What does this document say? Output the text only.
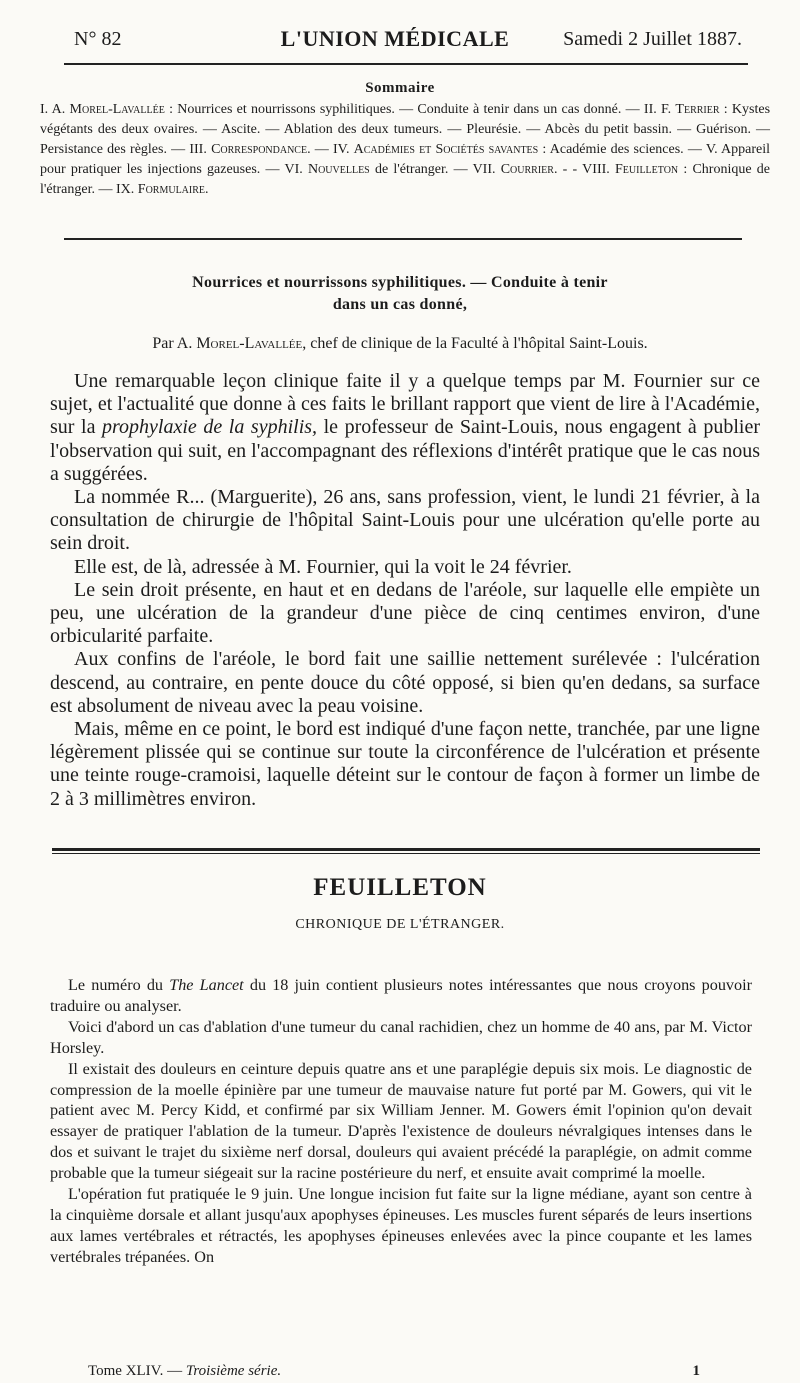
N° 82	L'UNION MÉDICALE	Samedi 2 Juillet 1887.
Sommaire
I. A. Morel-Lavallée : Nourrices et nourrissons syphilitiques. — Conduite à tenir dans un cas donné. — II. F. Terrier : Kystes végétants des deux ovaires. — Ascite. — Ablation des deux tumeurs. — Pleurésie. — Abcès du petit bassin. — Guérison. — Persistance des règles. — III. Correspondance. — IV. Académies et Sociétés savantes : Académie des sciences. — V. Appareil pour pratiquer les injections gazeuses. — VI. Nouvelles de l'étranger. — VII. Courrier. - - VIII. Feuilleton : Chronique de l'étranger. — IX. Formulaire.
Nourrices et nourrissons syphilitiques. — Conduite à tenir
dans un cas donné,
Par A. Morel-Lavallée, chef de clinique de la Faculté à l'hôpital Saint-Louis.

Une remarquable leçon clinique faite il y a quelque temps par M. Fournier sur ce sujet, et l'actualité que donne à ces faits le brillant rapport que vient de lire à l'Académie, sur la prophylaxie de la syphilis, le professeur de Saint-Louis, nous engagent à publier l'observation qui suit, en l'accompagnant des réflexions d'intérêt pratique que le cas nous a suggérées.

La nommée R... (Marguerite), 26 ans, sans profession, vient, le lundi 21 février, à la consultation de chirurgie de l'hôpital Saint-Louis pour une ulcération qu'elle porte au sein droit.

Elle est, de là, adressée à M. Fournier, qui la voit le 24 février.

Le sein droit présente, en haut et en dedans de l'aréole, sur laquelle elle empiète un peu, une ulcération de la grandeur d'une pièce de cinq centimes environ, d'une orbicularité parfaite.

Aux confins de l'aréole, le bord fait une saillie nettement surélevée : l'ulcération descend, au contraire, en pente douce du côté opposé, si bien qu'en dedans, sa surface est absolument de niveau avec la peau voisine.

Mais, même en ce point, le bord est indiqué d'une façon nette, tranchée, par une ligne légèrement plissée qui se continue sur toute la circonférence de l'ulcération et présente une teinte rouge-cramoisi, laquelle déteint sur le contour de façon à former un limbe de 2 à 3 millimètres environ.

FEUILLETON
CHRONIQUE DE L'ÉTRANGER.

Le numéro du The Lancet du 18 juin contient plusieurs notes intéressantes que nous croyons pouvoir traduire ou analyser.

Voici d'abord un cas d'ablation d'une tumeur du canal rachidien, chez un homme de 40 ans, par M. Victor Horsley.

Il existait des douleurs en ceinture depuis quatre ans et une paraplégie depuis six mois. Le diagnostic de compression de la moelle épinière par une tumeur de mauvaise nature fut porté par M. Gowers, qui vit le patient avec M. Percy Kidd, et confirmé par six William Jenner. M. Gowers émit l'opinion qu'on devait essayer de pratiquer l'ablation de la tumeur. D'après l'existence de douleurs névralgiques intenses dans le dos et suivant le trajet du sixième nerf dorsal, douleurs qui avaient précédé la paraplégie, on admit comme probable que la tumeur siégeait sur la racine postérieure du nerf, et ensuite avait comprimé la moelle.

L'opération fut pratiquée le 9 juin. Une longue incision fut faite sur la ligne médiane, ayant son centre à la cinquième dorsale et allant jusqu'aux apophyses épineuses. Les muscles furent séparés de leurs insertions aux lames vertébrales et rétractés, les apophyses épineuses enlevées avec la pince coupante et les lames vertébrales trépanées. On

Tome XLIV. — Troisième série.	1
